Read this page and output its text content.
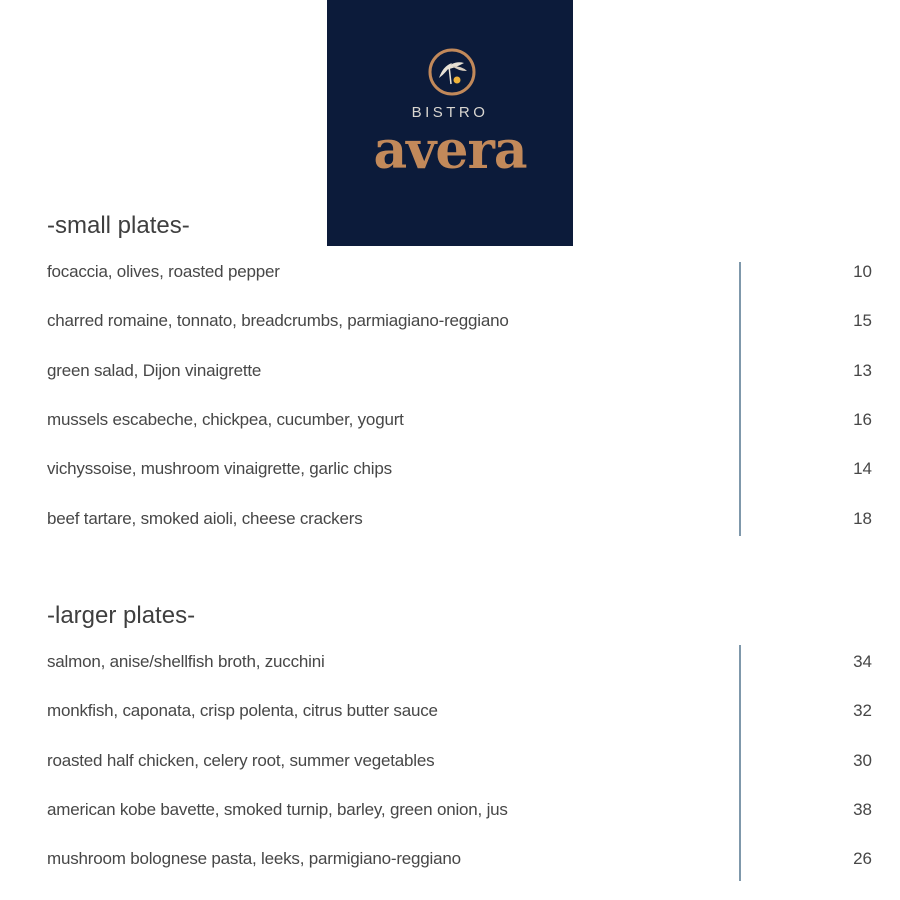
BISTRO
avera
-small plates-
focaccia, olives, roasted pepper	10
charred romaine, tonnato, breadcrumbs, parmiagiano-reggiano	15
green salad, Dijon vinaigrette	13
mussels escabeche, chickpea, cucumber, yogurt	16
vichyssoise, mushroom vinaigrette, garlic chips	14
beef tartare, smoked aioli, cheese crackers	18
-larger plates-
salmon, anise/shellfish broth, zucchini	34
monkfish, caponata, crisp polenta, citrus butter sauce	32
roasted half chicken, celery root, summer vegetables	30
american kobe bavette, smoked turnip, barley, green onion, jus	38
mushroom bolognese pasta, leeks, parmigiano-reggiano	26
